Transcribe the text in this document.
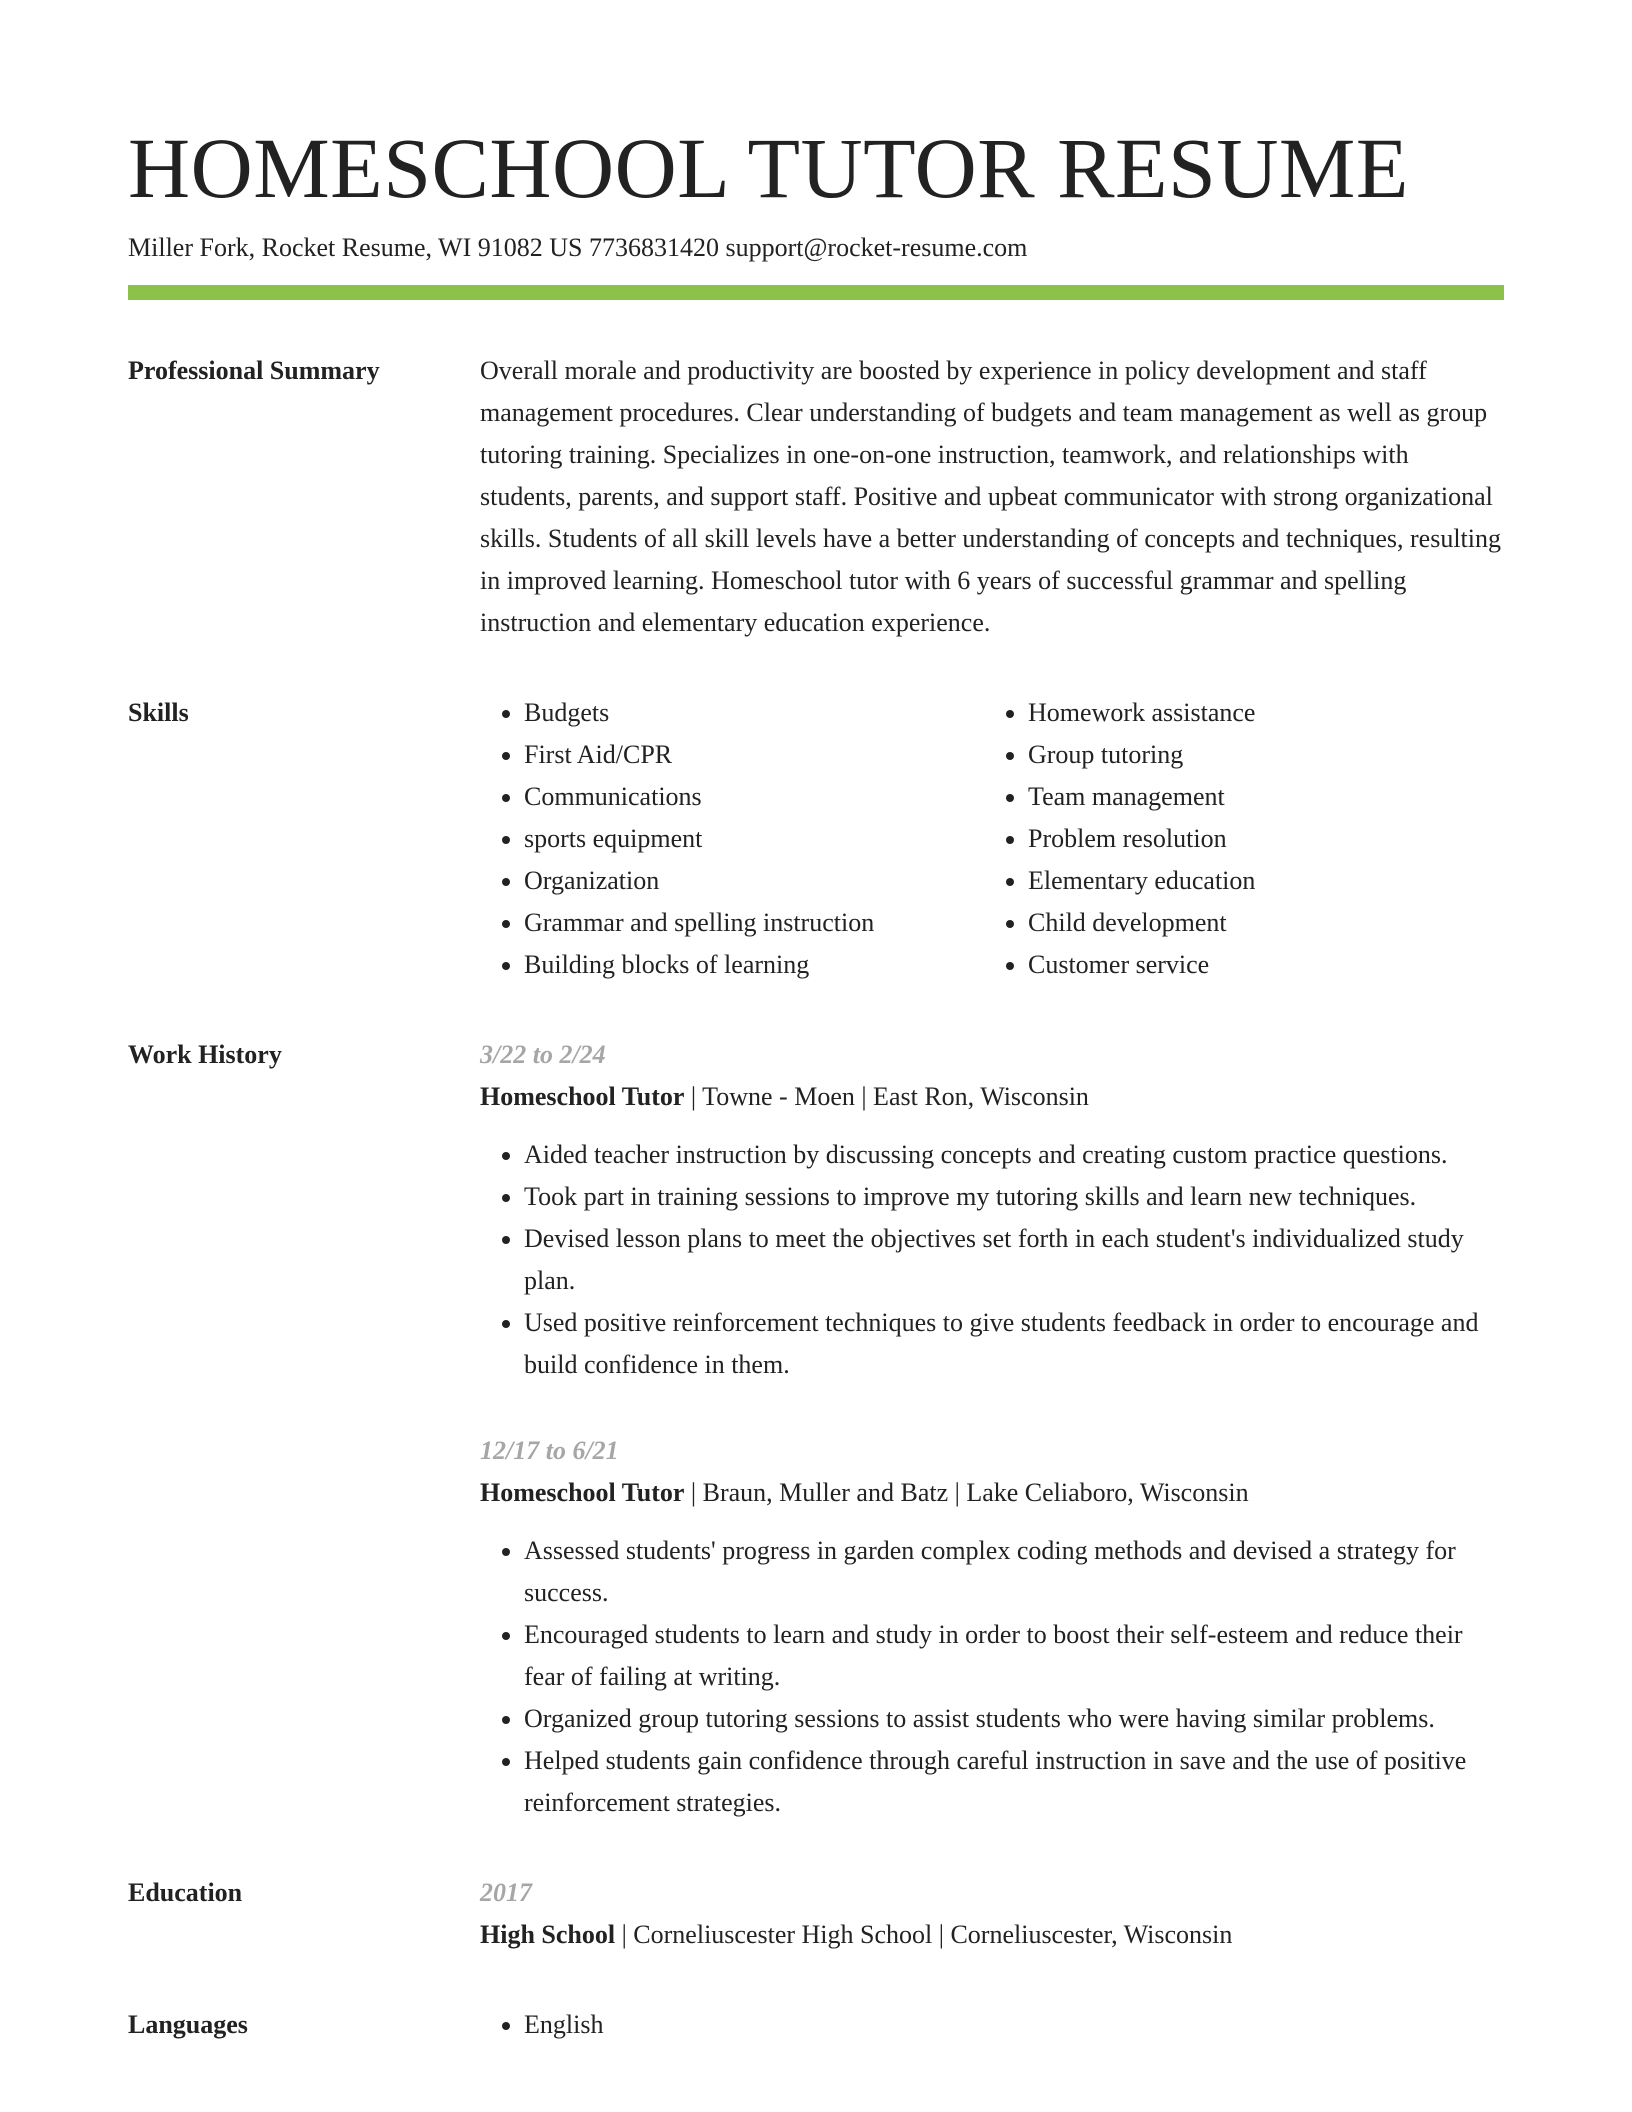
HOMESCHOOL TUTOR RESUME
Miller Fork, Rocket Resume, WI 91082 US 7736831420 support@rocket-resume.com
Professional Summary	Overall morale and productivity are boosted by experience in policy development and staff management procedures. Clear understanding of budgets and team management as well as group tutoring training. Specializes in one-on-one instruction, teamwork, and relationships with students, parents, and support staff. Positive and upbeat communicator with strong organizational skills. Students of all skill levels have a better understanding of concepts and techniques, resulting in improved learning. Homeschool tutor with 6 years of successful grammar and spelling instruction and elementary education experience.

Skills	• Budgets
• First Aid/CPR
• Communications
• sports equipment
• Organization
• Grammar and spelling instruction
• Building blocks of learning
• Homework assistance
• Group tutoring
• Team management
• Problem resolution
• Elementary education
• Child development
• Customer service
Work History	3/22 to 2/24
Homeschool Tutor | Towne - Moen | East Ron, Wisconsin
• Aided teacher instruction by discussing concepts and creating custom practice questions.
• Took part in training sessions to improve my tutoring skills and learn new techniques.
• Devised lesson plans to meet the objectives set forth in each student's individualized study plan.
• Used positive reinforcement techniques to give students feedback in order to encourage and build confidence in them.
12/17 to 6/21
Homeschool Tutor | Braun, Muller and Batz | Lake Celiaboro, Wisconsin
• Assessed students' progress in garden complex coding methods and devised a strategy for success.
• Encouraged students to learn and study in order to boost their self-esteem and reduce their fear of failing at writing.
• Organized group tutoring sessions to assist students who were having similar problems.
• Helped students gain confidence through careful instruction in save and the use of positive reinforcement strategies.
Education	2017
High School | Corneliuscester High School | Corneliuscester, Wisconsin
Languages	• English
